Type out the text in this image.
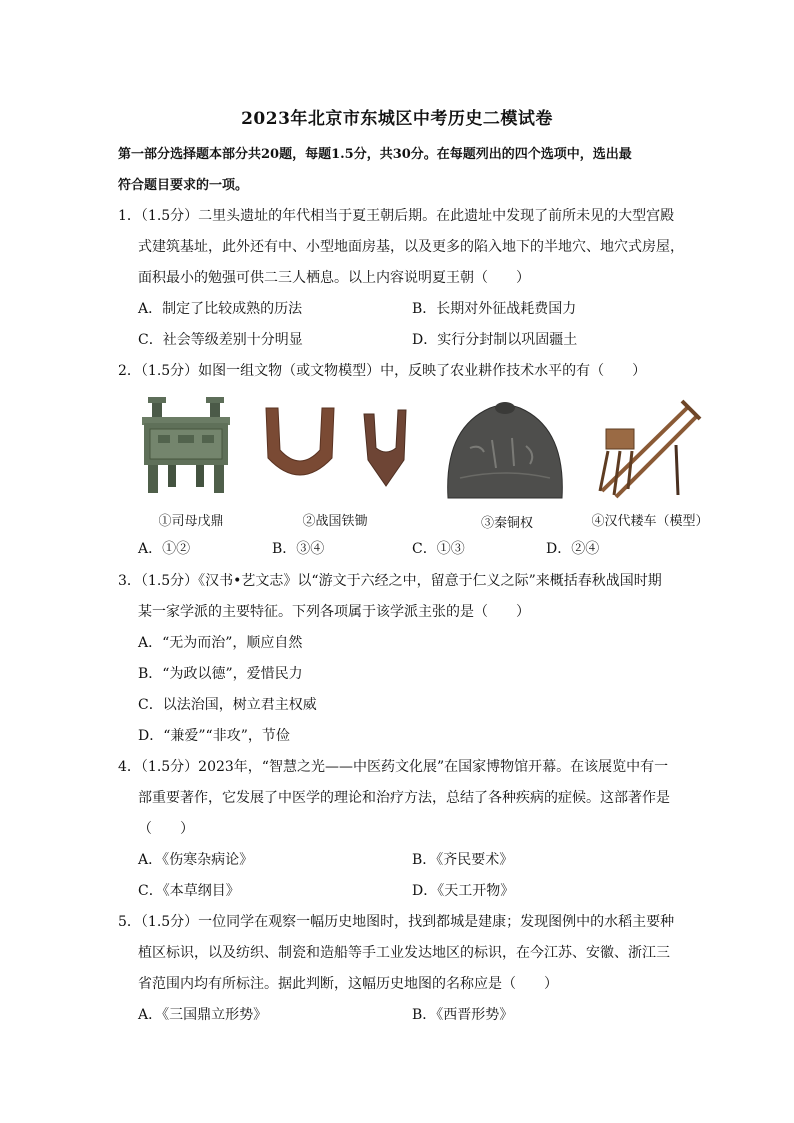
2023年北京市东城区中考历史二模试卷
第一部分选择题本部分共20题，每题1.5分，共30分。在每题列出的四个选项中，选出最
符合题目要求的一项。
1．（1.5分）二里头遗址的年代相当于夏王朝后期。在此遗址中发现了前所未见的大型宫殿
式建筑基址，此外还有中、小型地面房基，以及更多的陷入地下的半地穴、地穴式房屋，
面积最小的勉强可供二三人栖息。以上内容说明夏王朝（　　）
A．制定了比较成熟的历法	B．长期对外征战耗费国力
C．社会等级差别十分明显	D．实行分封制以巩固疆土
2．（1.5分）如图一组文物（或文物模型）中，反映了农业耕作技术水平的有（　　）
①司母戊鼎	②战国铁锄	③秦铜权	④汉代耧车（模型）
A．①②	B．③④	C．①③	D．②④
3．（1.5分）《汉书•艺文志》以“游文于六经之中，留意于仁义之际”来概括春秋战国时期
某一家学派的主要特征。下列各项属于该学派主张的是（　　）
A．“无为而治”，顺应自然
B．“为政以德”，爱惜民力
C．以法治国，树立君主权威
D．“兼爱”“非攻”，节俭
4．（1.5分）2023年，“智慧之光——中医药文化展”在国家博物馆开幕。在该展览中有一
部重要著作，它发展了中医学的理论和治疗方法，总结了各种疾病的症候。这部著作是
（　　）
A．《伤寒杂病论》	B．《齐民要术》
C．《本草纲目》	D．《天工开物》
5．（1.5分）一位同学在观察一幅历史地图时，找到都城是建康；发现图例中的水稻主要种
植区标识，以及纺织、制瓷和造船等手工业发达地区的标识，在今江苏、安徽、浙江三
省范围内均有所标注。据此判断，这幅历史地图的名称应是（　　）
A．《三国鼎立形势》	B．《西晋形势》
